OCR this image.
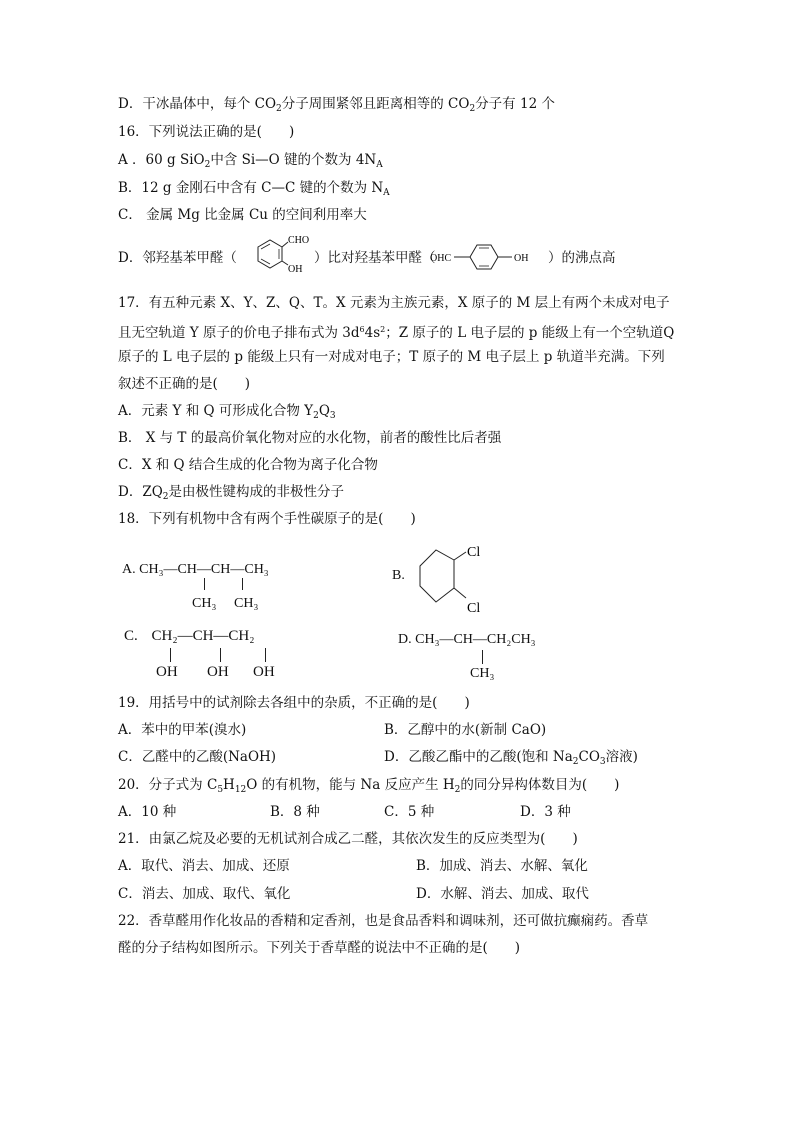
D．干冰晶体中，每个 $CO_2$分子周围紧邻且距离相等的 $CO_2$分子有 12 个
16．下列说法正确的是(　　)
A ．60 g SiO$_2$中含 Si—O 键的个数为 $4N_A$
B．12 g 金刚石中含有 C—C 键的个数为 $N_A$
C． 金属 Mg 比金属 Cu 的空间利用率大
D．邻羟基苯甲醛（
CHO
OH
）比对羟基苯甲醛（
OHC	OH ）的沸点高
17．有五种元素 X、Y、Z、Q、T。X 元素为主族元素，X 原子的 M 层上有两个未成对电子
且无空轨道 Y 原子的价电子排布式为 $3d^64s^2$；Z 原子的 L 电子层的 p 能级上有一个空轨道Q
原子的 L 电子层的 p 能级上只有一对成对电子；T 原子的 M 电子层上 p 轨道半充满。下列
叙述不正确的是(　　)
A．元素 Y 和 Q 可形成化合物 $Y_2Q_3$
B． X 与 T 的最高价氧化物对应的水化物，前者的酸性比后者强
C．X 和 Q 结合生成的化合物为离子化合物
D．$ZQ_2$是由极性键构成的非极性分子
18．下列有机物中含有两个手性碳原子的是(　　)
A. CH₃—CH—CH—CH₃
CH₃ CH₃
B.
Cl
Cl
C. CH₂—CH—CH₂
OH OH OH
D. CH₃—CH—CH₂CH₃
CH₃
19．用括号中的试剂除去各组中的杂质，不正确的是(　　)
A．苯中的甲苯(溴水)	B．乙醇中的水(新制 CaO)
C．乙醛中的乙酸(NaOH)	D．乙酸乙酯中的乙酸(饱和 $Na_2CO_3$溶液)
20．分子式为 $C_5H_{12}O$ 的有机物，能与 Na 反应产生 $H_2$的同分异构体数目为(　　)
A．10 种	B．8 种	C．5 种	D．3 种
21．由氯乙烷及必要的无机试剂合成乙二醛，其依次发生的反应类型为(　　)
A．取代、消去、加成、还原	B．加成、消去、水解、氧化
C．消去、加成、取代、氧化	D．水解、消去、加成、取代
22．香草醛用作化妆品的香精和定香剂，也是食品香料和调味剂，还可做抗癫痫药。香草
醛的分子结构如图所示。下列关于香草醛的说法中不正确的是(　　)
